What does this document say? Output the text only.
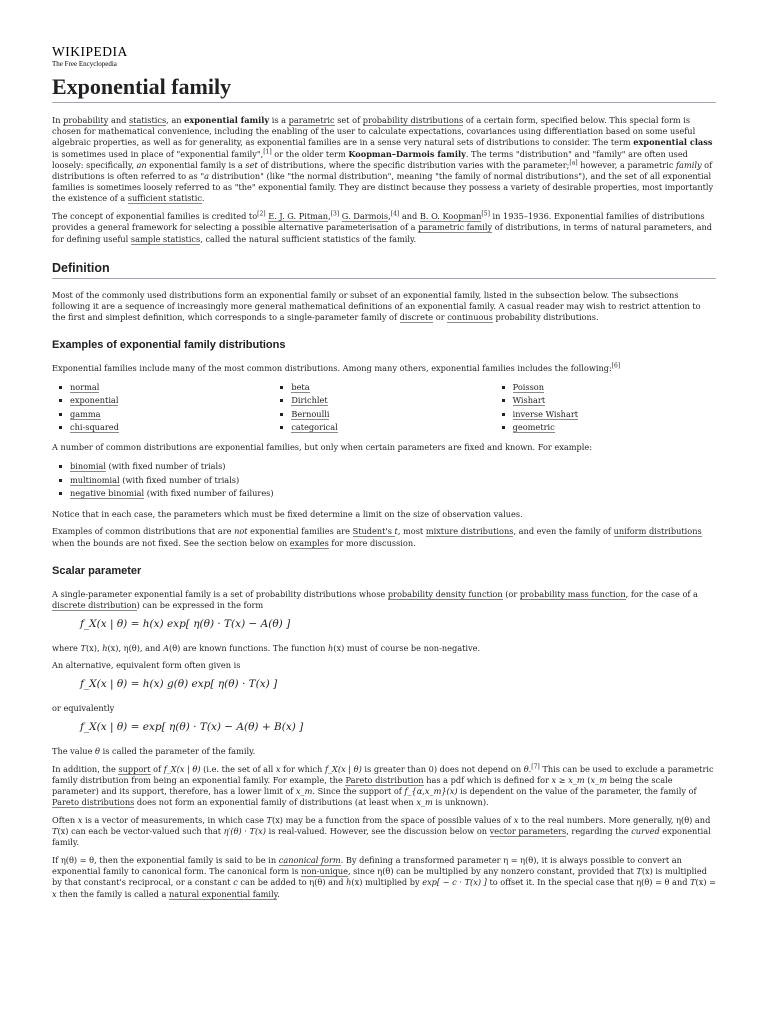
WIKIPEDIA
The Free Encyclopedia
Exponential family

In probability and statistics, an exponential family is a parametric set of probability distributions of a certain form, specified below. This special form is chosen for mathematical convenience, including the enabling of the user to calculate expectations, covariances using differentiation based on some useful algebraic properties, as well as for generality, as exponential families are in a sense very natural sets of distributions to consider. The term exponential class is sometimes used in place of "exponential family",[1] or the older term Koopman–Darmois family. The terms "distribution" and "family" are often used loosely: specifically, an exponential family is a set of distributions, where the specific distribution varies with the parameter;[a] however, a parametric family of distributions is often referred to as "a distribution" (like "the normal distribution", meaning "the family of normal distributions"), and the set of all exponential families is sometimes loosely referred to as "the" exponential family. They are distinct because they possess a variety of desirable properties, most importantly the existence of a sufficient statistic.

The concept of exponential families is credited to[2] E. J. G. Pitman,[3] G. Darmois,[4] and B. O. Koopman[5] in 1935–1936. Exponential families of distributions provides a general framework for selecting a possible alternative parameterisation of a parametric family of distributions, in terms of natural parameters, and for defining useful sample statistics, called the natural sufficient statistics of the family.

Definition

Most of the commonly used distributions form an exponential family or subset of an exponential family, listed in the subsection below. The subsections following it are a sequence of increasingly more general mathematical definitions of an exponential family. A casual reader may wish to restrict attention to the first and simplest definition, which corresponds to a single-parameter family of discrete or continuous probability distributions.

Examples of exponential family distributions

Exponential families include many of the most common distributions. Among many others, exponential families includes the following:[6]

normal
exponential
gamma
chi-squared
beta
Dirichlet
Bernoulli
categorical
Poisson
Wishart
inverse Wishart
geometric

A number of common distributions are exponential families, but only when certain parameters are fixed and known. For example:

binomial (with fixed number of trials)
multinomial (with fixed number of trials)
negative binomial (with fixed number of failures)

Notice that in each case, the parameters which must be fixed determine a limit on the size of observation values.

Examples of common distributions that are not exponential families are Student's t, most mixture distributions, and even the family of uniform distributions when the bounds are not fixed. See the section below on examples for more discussion.

Scalar parameter

A single-parameter exponential family is a set of probability distributions whose probability density function (or probability mass function, for the case of a discrete distribution) can be expressed in the form

f_X(x | θ) = h(x) exp[ η(θ) · T(x) − A(θ) ]

where T(x), h(x), η(θ), and A(θ) are known functions. The function h(x) must of course be non-negative.

An alternative, equivalent form often given is

f_X(x | θ) = h(x) g(θ) exp[ η(θ) · T(x) ]

or equivalently

f_X(x | θ) = exp[ η(θ) · T(x) − A(θ) + B(x) ]

The value θ is called the parameter of the family.

In addition, the support of f_X(x | θ) (i.e. the set of all x for which f_X(x | θ) is greater than 0) does not depend on θ.[7] This can be used to exclude a parametric family distribution from being an exponential family. For example, the Pareto distribution has a pdf which is defined for x ≥ x_m (x_m being the scale parameter) and its support, therefore, has a lower limit of x_m. Since the support of f_{α,x_m}(x) is dependent on the value of the parameter, the family of Pareto distributions does not form an exponential family of distributions (at least when x_m is unknown).

Often x is a vector of measurements, in which case T(x) may be a function from the space of possible values of x to the real numbers. More generally, η(θ) and T(x) can each be vector-valued such that η′(θ) · T(x) is real-valued. However, see the discussion below on vector parameters, regarding the curved exponential family.

If η(θ) = θ, then the exponential family is said to be in canonical form. By defining a transformed parameter η = η(θ), it is always possible to convert an exponential family to canonical form. The canonical form is non-unique, since η(θ) can be multiplied by any nonzero constant, provided that T(x) is multiplied by that constant's reciprocal, or a constant c can be added to η(θ) and h(x) multiplied by exp[ − c · T(x) ] to offset it. In the special case that η(θ) = θ and T(x) = x then the family is called a natural exponential family.
